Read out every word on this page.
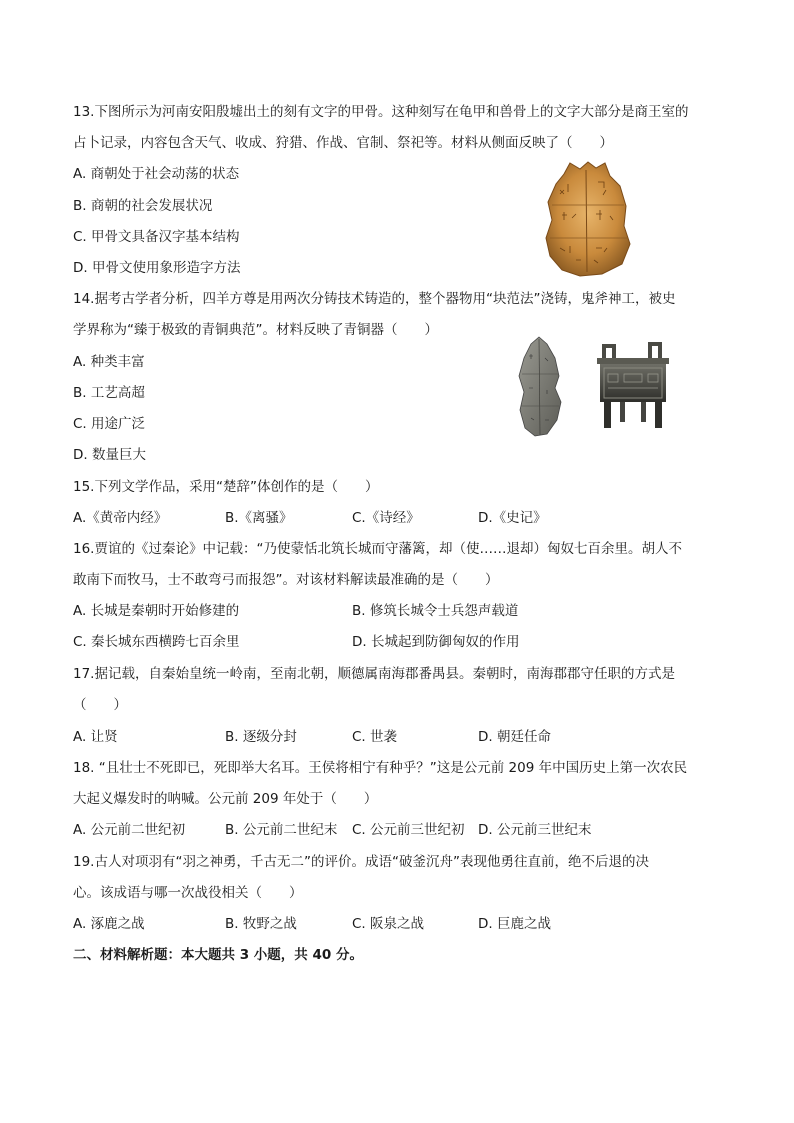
13.下图所示为河南安阳殷墟出土的刻有文字的甲骨。这种刻写在龟甲和兽骨上的文字大部分是商王室的
占卜记录，内容包含天气、收成、狩猎、作战、官制、祭祀等。材料从侧面反映了（　　）
A. 商朝处于社会动荡的状态
B. 商朝的社会发展状况
C. 甲骨文具备汉字基本结构
D. 甲骨文使用象形造字方法
14.据考古学者分析，四羊方尊是用两次分铸技术铸造的，整个器物用“块范法”浇铸，鬼斧神工，被史
学界称为“臻于极致的青铜典范”。材料反映了青铜器（　　）
A. 种类丰富
B. 工艺高超
C. 用途广泛
D. 数量巨大
15.下列文学作品，采用“楚辞”体创作的是（　　）
A.《黄帝内经》	B.《离骚》	C.《诗经》	D.《史记》
16.贾谊的《过秦论》中记载：“乃使蒙恬北筑长城而守藩篱，却（使……退却）匈奴七百余里。胡人不
敢南下而牧马，士不敢弯弓而报怨”。对该材料解读最准确的是（　　）
A. 长城是秦朝时开始修建的	B. 修筑长城令士兵怨声载道
C. 秦长城东西横跨七百余里	D. 长城起到防御匈奴的作用
17.据记载，自秦始皇统一岭南，至南北朝，顺德属南海郡番禺县。秦朝时，南海郡郡守任职的方式是
（　　）
A. 让贤	B. 逐级分封	C. 世袭	D. 朝廷任命
18. “且壮士不死即已，死即举大名耳。王侯将相宁有种乎？”这是公元前 209 年中国历史上第一次农民
大起义爆发时的呐喊。公元前 209 年处于（　　）
A. 公元前二世纪初	B. 公元前二世纪末 C. 公元前三世纪初 D. 公元前三世纪末
19.古人对项羽有“羽之神勇，千古无二”的评价。成语“破釜沉舟”表现他勇往直前，绝不后退的决
心。该成语与哪一次战役相关（　　）
A. 涿鹿之战	B. 牧野之战	C. 阪泉之战	D. 巨鹿之战
二、材料解析题：本大题共 3 小题，共 40 分。
